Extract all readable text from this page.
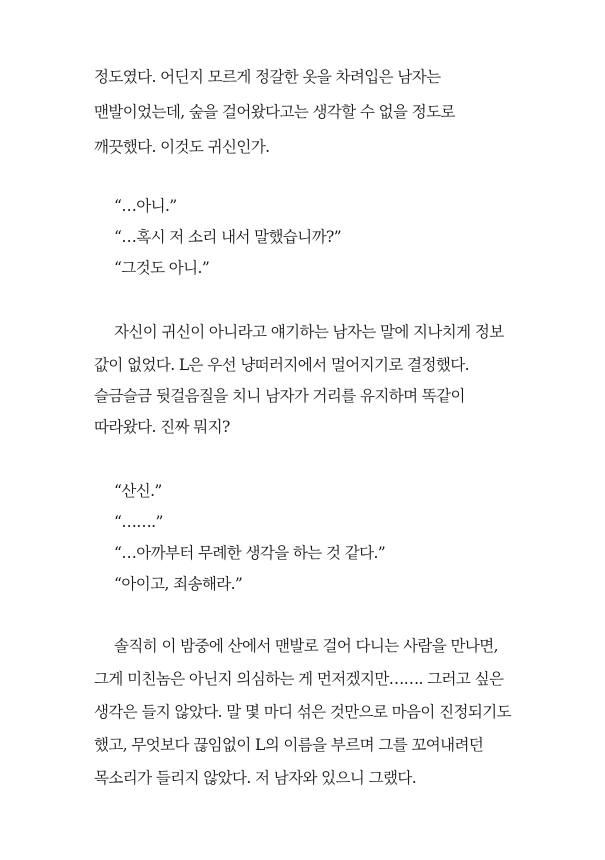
정도였다. 어딘지 모르게 정갈한 옷을 차려입은 남자는
맨발이었는데, 숲을 걸어왔다고는 생각할 수 없을 정도로
깨끗했다. 이것도 귀신인가.
“…아니.”
“…혹시 저 소리 내서 말했습니까?”
“그것도 아니.”
자신이 귀신이 아니라고 얘기하는 남자는 말에 지나치게 정보
값이 없었다. L은 우선 냥떠러지에서 멀어지기로 결정했다.
슬금슬금 뒷걸음질을 치니 남자가 거리를 유지하며 똑같이
따라왔다. 진짜 뭐지?
“산신.”
“…….”
“…아까부터 무례한 생각을 하는 것 같다.”
“아이고, 죄송해라.”
솔직히 이 밤중에 산에서 맨발로 걸어 다니는 사람을 만나면,
그게 미친놈은 아닌지 의심하는 게 먼저겠지만……. 그러고 싶은
생각은 들지 않았다. 말 몇 마디 섞은 것만으로 마음이 진정되기도
했고, 무엇보다 끊임없이 L의 이름을 부르며 그를 꼬여내려던
목소리가 들리지 않았다. 저 남자와 있으니 그랬다.
